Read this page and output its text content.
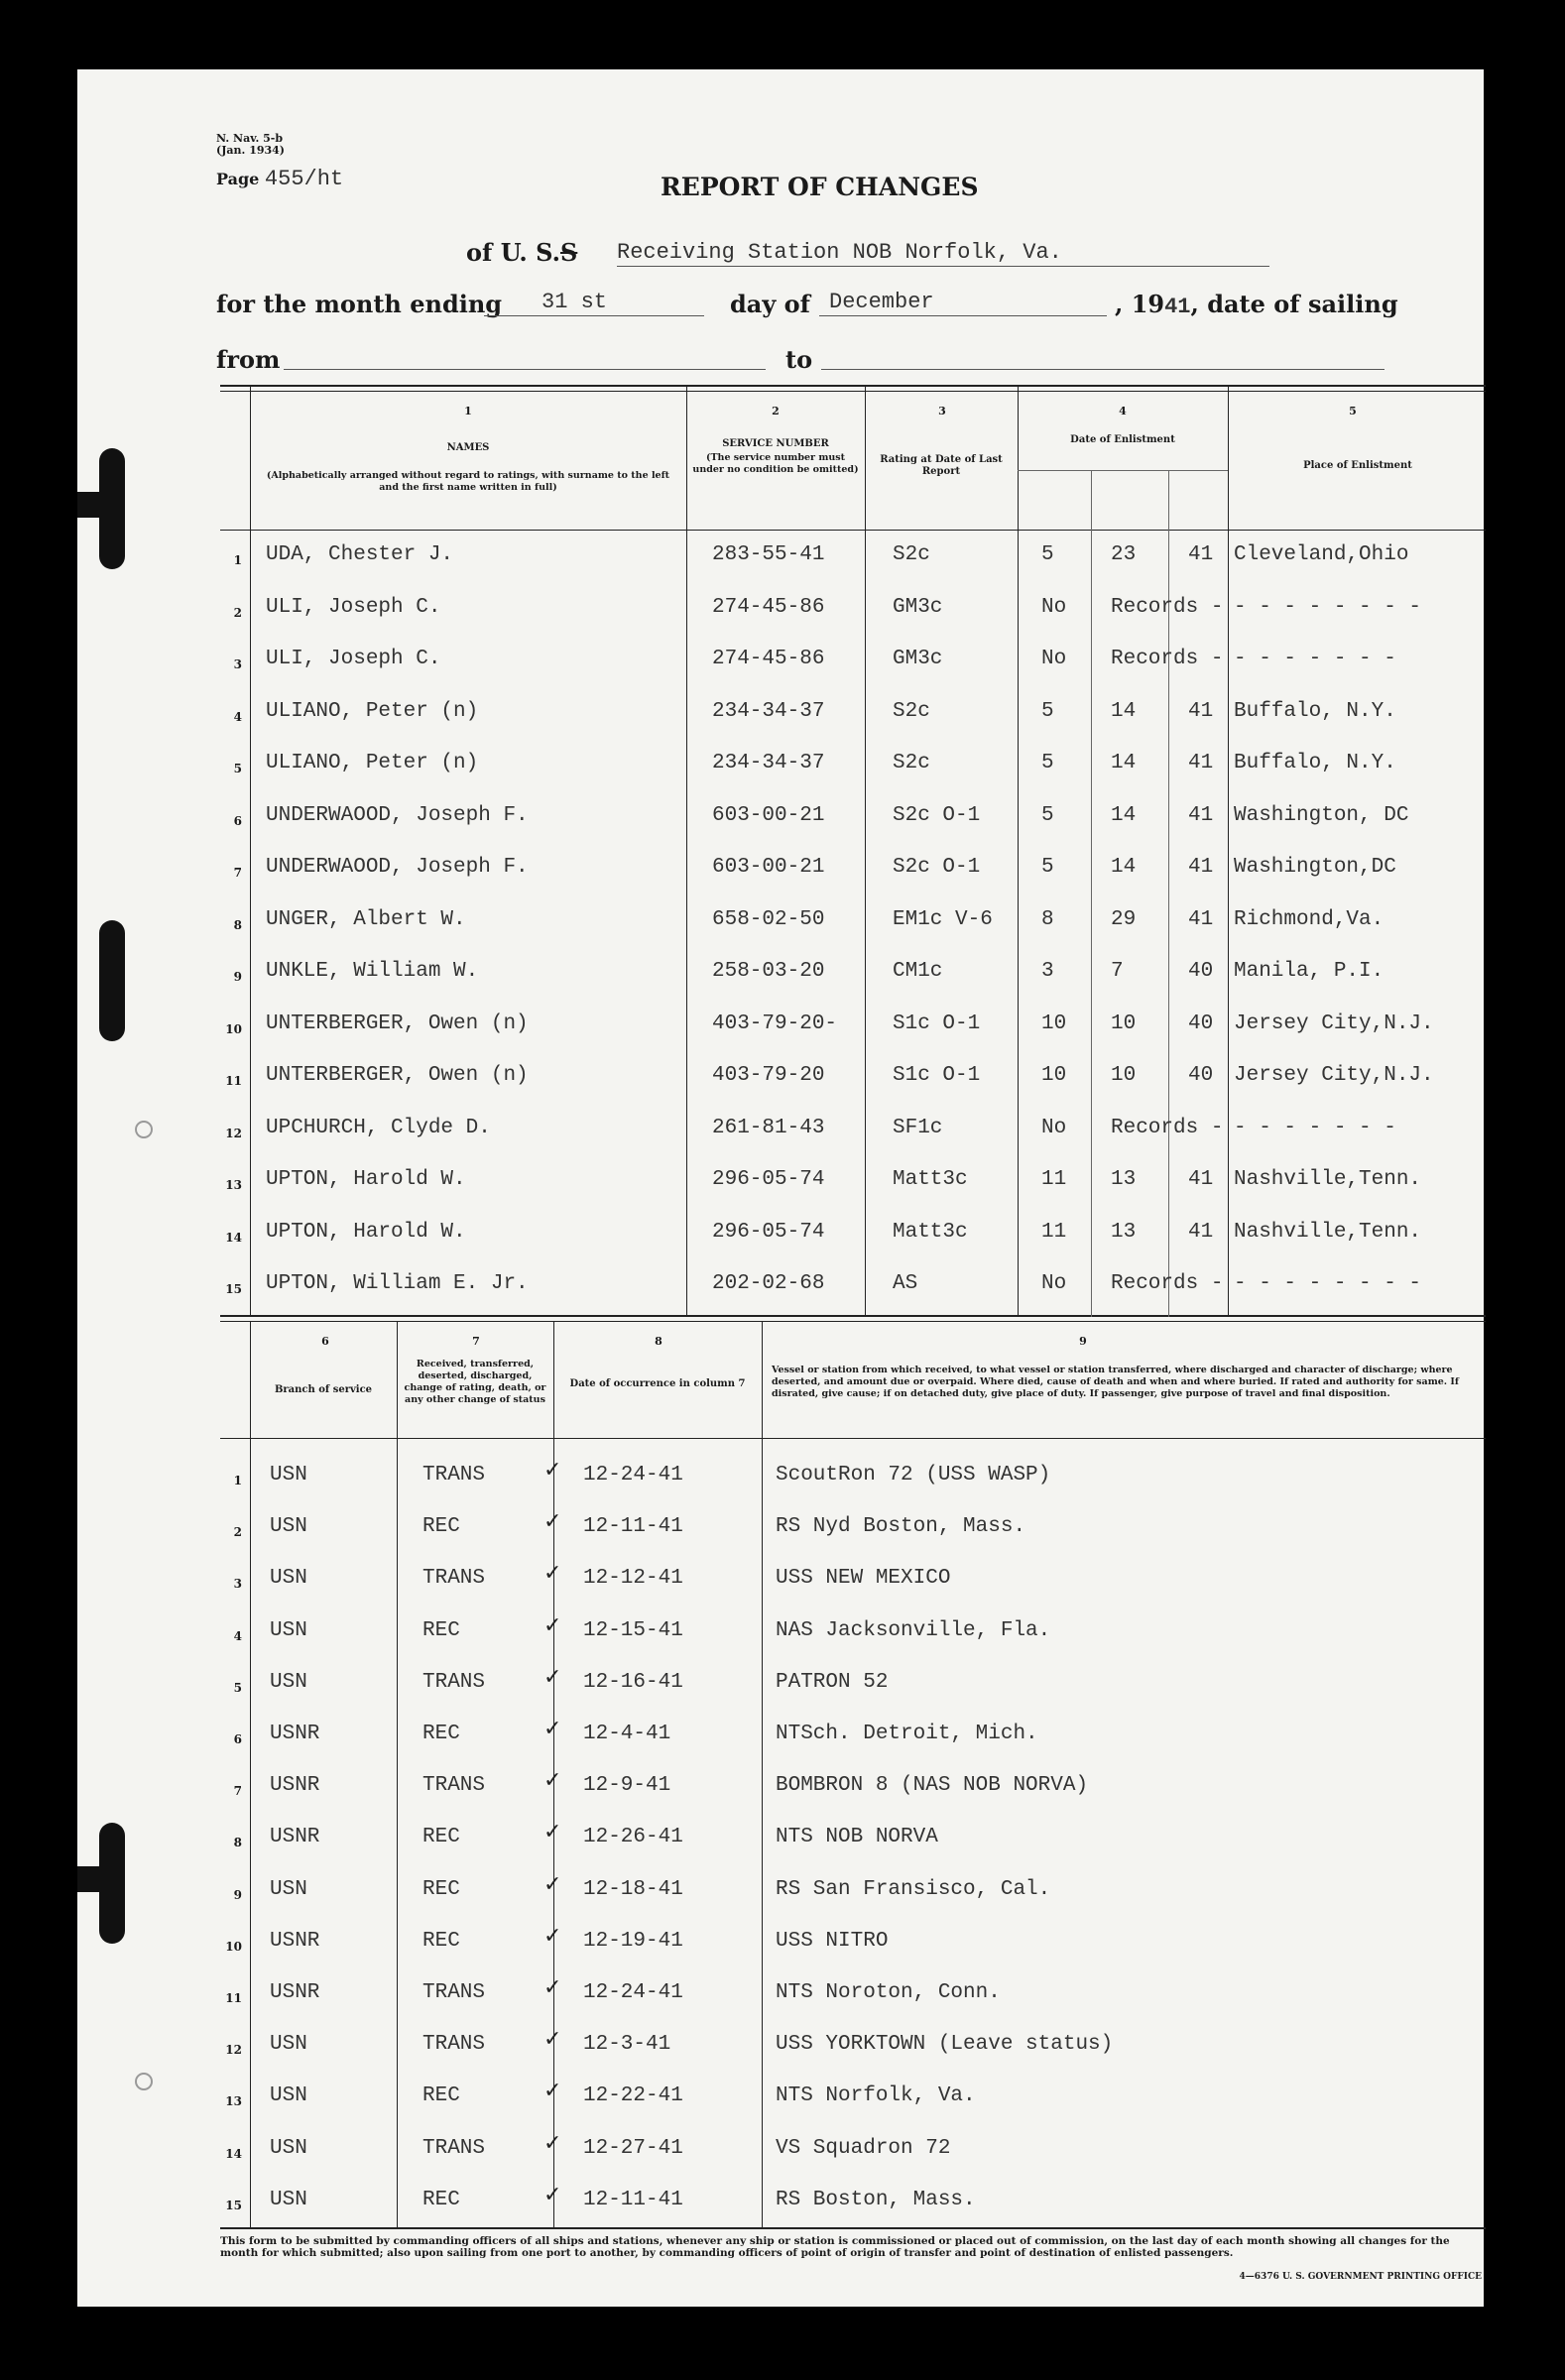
N. Nav. 5-b
(Jan. 1934)
Page 455/ht	REPORT OF CHANGES
of U. S.S Receiving Station NOB Norfolk, Va.
for the month ending 31 st	day of December	, 1941, date of sailing
from	to
1	2	3	4	5
NAMES
(Alphabetically arranged without regard to ratings, with surname to the left and the first name written in full)
SERVICE NUMBER
(The service number must under no condition be omitted)
Rating at Date of Last Report
Date of Enlistment
Place of Enlistment
1 UDA, Chester J.	283-55-41	S2c	5	23	41 Cleveland,Ohio
2 ULI, Joseph C.	274-45-86	GM3c	No Records - - - - - - - - -
3 ULI, Joseph C.	274-45-86	GM3c	No Records - - - - - - - -
4 ULIANO, Peter (n)	234-34-37	S2c	5	14	41 Buffalo, N.Y.
5 ULIANO, Peter (n)	234-34-37	S2c	5	14	41 Buffalo, N.Y.
6 UNDERWAOOD, Joseph F.	603-00-21	S2c O-1	5	14	41 Washington, DC
7 UNDERWAOOD, Joseph F.	603-00-21	S2c O-1	5	14	41 Washington,DC
8 UNGER, Albert W.	658-02-50	EM1c V-6 8	29	41 Richmond,Va.
9 UNKLE, William W.	258-03-20	CM1c	3	7	40 Manila, P.I.
10 UNTERBERGER, Owen (n)	403-79-20-	S1c O-1	10 10	40 Jersey City,N.J.
11 UNTERBERGER, Owen (n)	403-79-20	S1c O-1	10 10	40 Jersey City,N.J.
12 UPCHURCH, Clyde D.	261-81-43	SF1c	No Records - - - - - - - -
13 UPTON, Harold W.	296-05-74	Matt3c	11 13	41 Nashville,Tenn.
14 UPTON, Harold W.	296-05-74	Matt3c	11 13	41 Nashville,Tenn.
15 UPTON, William E. Jr.	202-02-68	AS	No Records - - - - - - - - -
6	7	8	9
Branch of service
Received, transferred, deserted, discharged, change of rating, death, or any other change of status
Date of occurrence in column 7
Vessel or station from which received, to what vessel or station transferred, where discharged and character of discharge; where deserted, and amount due or overpaid. Where died, cause of death and when and where buried. If rated and authority for same. If disrated, give cause; if on detached duty, give place of duty. If passenger, give purpose of travel and final disposition.
1 USN	TRANS	✓ 12-24-41	ScoutRon 72 (USS WASP)
2 USN	REC	✓ 12-11-41	RS Nyd Boston, Mass.
3 USN	TRANS	✓ 12-12-41	USS NEW MEXICO
4 USN	REC	✓ 12-15-41	NAS Jacksonville, Fla.
5 USN	TRANS	✓ 12-16-41	PATRON 52
6 USNR	REC	✓ 12-4-41	NTSch. Detroit, Mich.
7 USNR	TRANS	✓ 12-9-41	BOMBRON 8 (NAS NOB NORVA)
8 USNR	REC	✓ 12-26-41	NTS NOB NORVA
9 USN	REC	✓ 12-18-41	RS San Fransisco, Cal.
10 USNR	REC	✓ 12-19-41	USS NITRO
11 USNR	TRANS	✓ 12-24-41	NTS Noroton, Conn.
12 USN	TRANS	✓ 12-3-41	USS YORKTOWN (Leave status)
13 USN	REC	✓ 12-22-41	NTS Norfolk, Va.
14 USN	TRANS	✓ 12-27-41	VS Squadron 72
15 USN	REC	✓ 12-11-41	RS Boston, Mass.
This form to be submitted by commanding officers of all ships and stations, whenever any ship or station is commissioned or placed out of commission, on the last day of each month showing all changes for the month for which submitted; also upon sailing from one port to another, by commanding officers of point of origin of transfer and point of destination of enlisted passengers.
4—6376 U. S. GOVERNMENT PRINTING OFFICE
